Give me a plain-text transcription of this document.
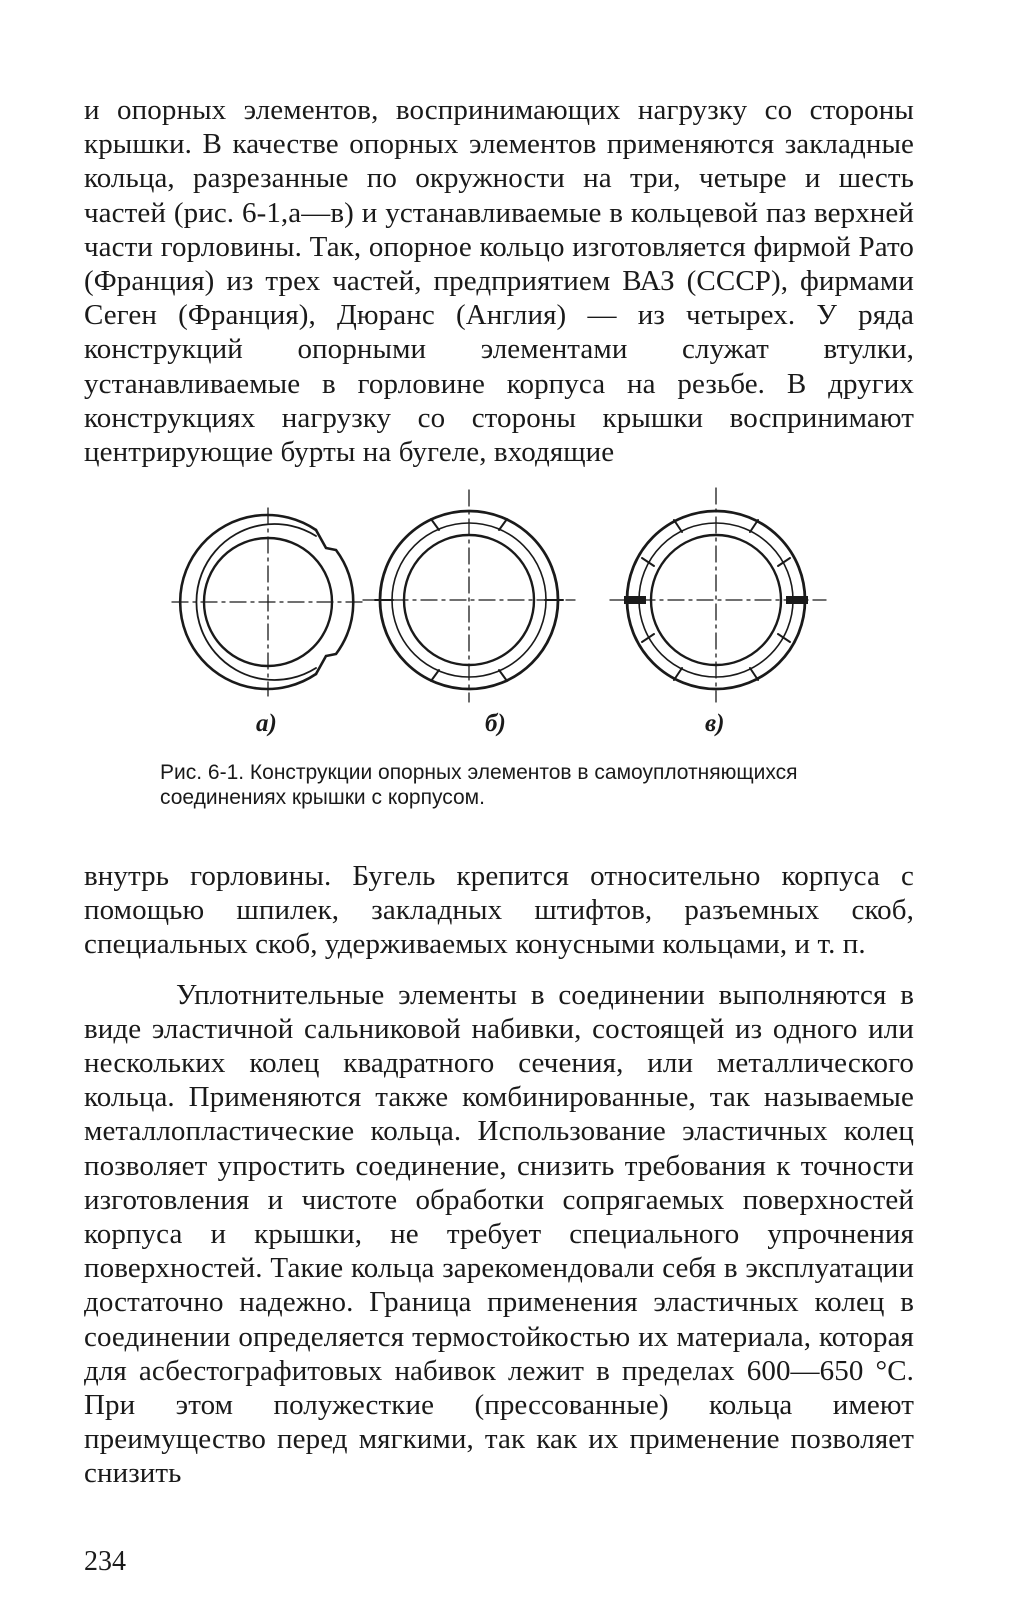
и опорных элементов, воспринимающих нагрузку со стороны крышки. В качестве опорных элементов применяются закладные кольца, разрезанные по окружности на три, четыре и шесть частей (рис. 6-1,а—в) и устанавливаемые в кольцевой паз верхней части горловины. Так, опорное кольцо изготовляется фирмой Рато (Франция) из трех частей, предприятием ВАЗ (СССР), фирмами Сеген (Франция), Дюранс (Англия) — из четырех. У ряда конструкций опорными элементами служат втулки, устанавливаемые в горловине корпуса на резьбе. В других конструкциях нагрузку со стороны крышки воспринимают центрирующие бурты на бугеле, входящие

а)	б)	в)
Рис. 6-1. Конструкции опорных элементов в самоуплотняющихся соединениях крышки с корпусом.

внутрь горловины. Бугель крепится относительно корпуса с помощью шпилек, закладных штифтов, разъемных скоб, специальных скоб, удерживаемых конусными кольцами, и т. п.

Уплотнительные элементы в соединении выполняются в виде эластичной сальниковой набивки, состоящей из одного или нескольких колец квадратного сечения, или металлического кольца. Применяются также комбинированные, так называемые металлопластические кольца. Использование эластичных колец позволяет упростить соединение, снизить требования к точности изготовления и чистоте обработки сопрягаемых поверхностей корпуса и крышки, не требует специального упрочнения поверхностей. Такие кольца зарекомендовали себя в эксплуатации достаточно надежно. Граница применения эластичных колец в соединении определяется термостойкостью их материала, которая для асбестографитовых набивок лежит в пределах 600—650 °С. При этом полужесткие (прессованные) кольца имеют преимущество перед мягкими, так как их применение позволяет снизить

234
